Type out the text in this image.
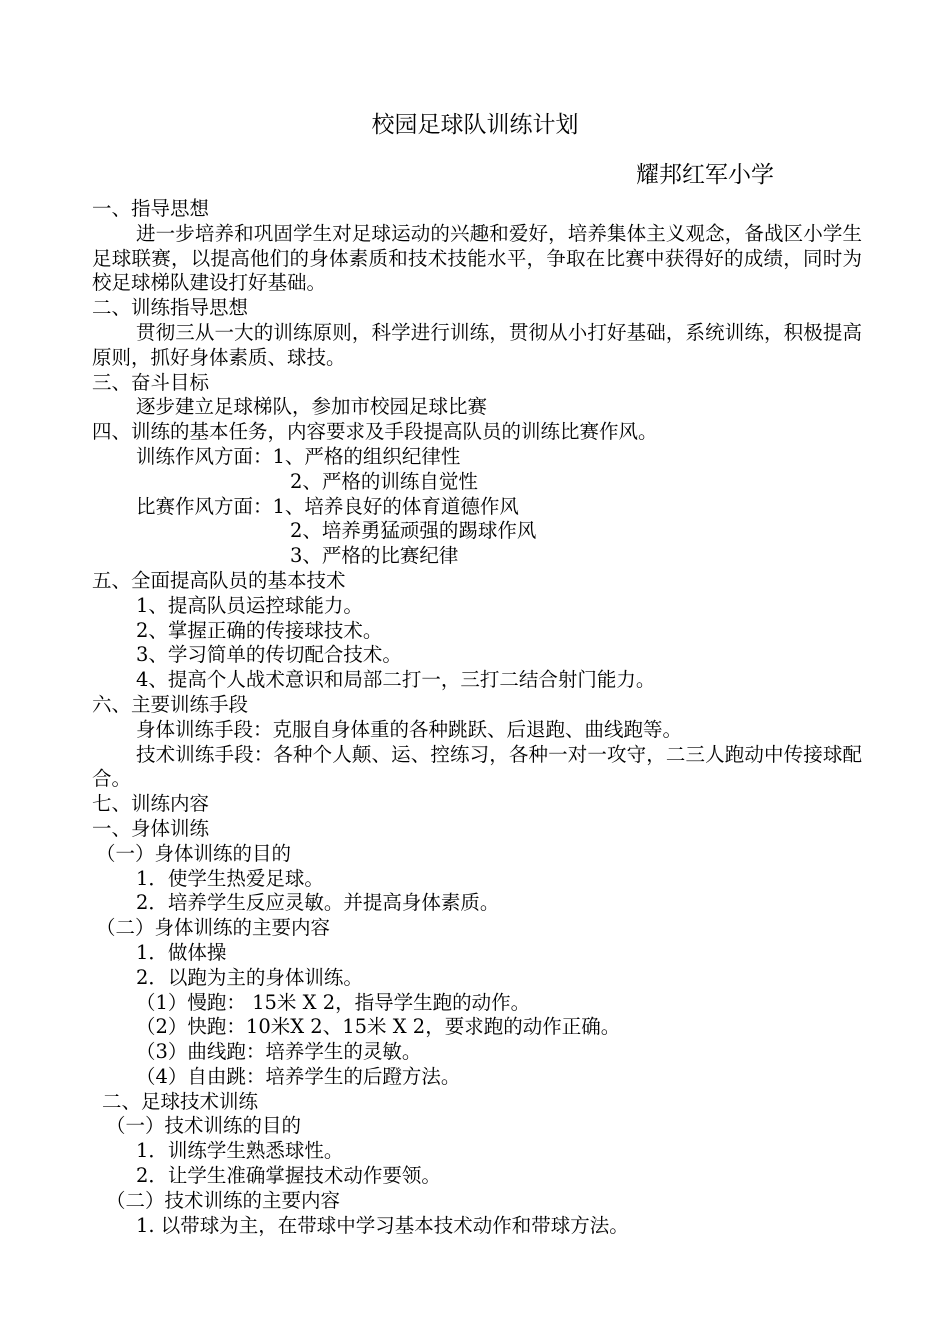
校园足球队训练计划
耀邦红军小学
一、指导思想
进一步培养和巩固学生对足球运动的兴趣和爱好，培养集体主义观念，备战区小学生足球联赛，以提高他们的身体素质和技术技能水平，争取在比赛中获得好的成绩，同时为校足球梯队建设打好基础。
二、训练指导思想
贯彻三从一大的训练原则，科学进行训练，贯彻从小打好基础，系统训练，积极提高原则，抓好身体素质、球技。
三、奋斗目标
逐步建立足球梯队，参加市校园足球比赛
四、训练的基本任务，内容要求及手段提高队员的训练比赛作风。
训练作风方面：1、严格的组织纪律性
2、严格的训练自觉性
比赛作风方面：1、培养良好的体育道德作风
2、培养勇猛顽强的踢球作风
3、严格的比赛纪律
五、全面提高队员的基本技术
1、提高队员运控球能力。
2、掌握正确的传接球技术。
3、学习简单的传切配合技术。
4、提高个人战术意识和局部二打一，三打二结合射门能力。
六、主要训练手段
身体训练手段：克服自身体重的各种跳跃、后退跑、曲线跑等。
技术训练手段：各种个人颠、运、控练习，各种一对一攻守，二三人跑动中传接球配合。
七、训练内容
一、身体训练
（一）身体训练的目的
1．使学生热爱足球。
2．培养学生反应灵敏。并提高身体素质。
（二）身体训练的主要内容
1．做体操
2．以跑为主的身体训练。
（1）慢跑： 15米 X 2，指导学生跑的动作。
（2）快跑：10米X 2、15米 X 2，要求跑的动作正确。
（3）曲线跑：培养学生的灵敏。
（4）自由跳：培养学生的后蹬方法。
二、足球技术训练
（一）技术训练的目的
1．训练学生熟悉球性。
2．让学生准确掌握技术动作要领。
（二）技术训练的主要内容
1. 以带球为主，在带球中学习基本技术动作和带球方法。
